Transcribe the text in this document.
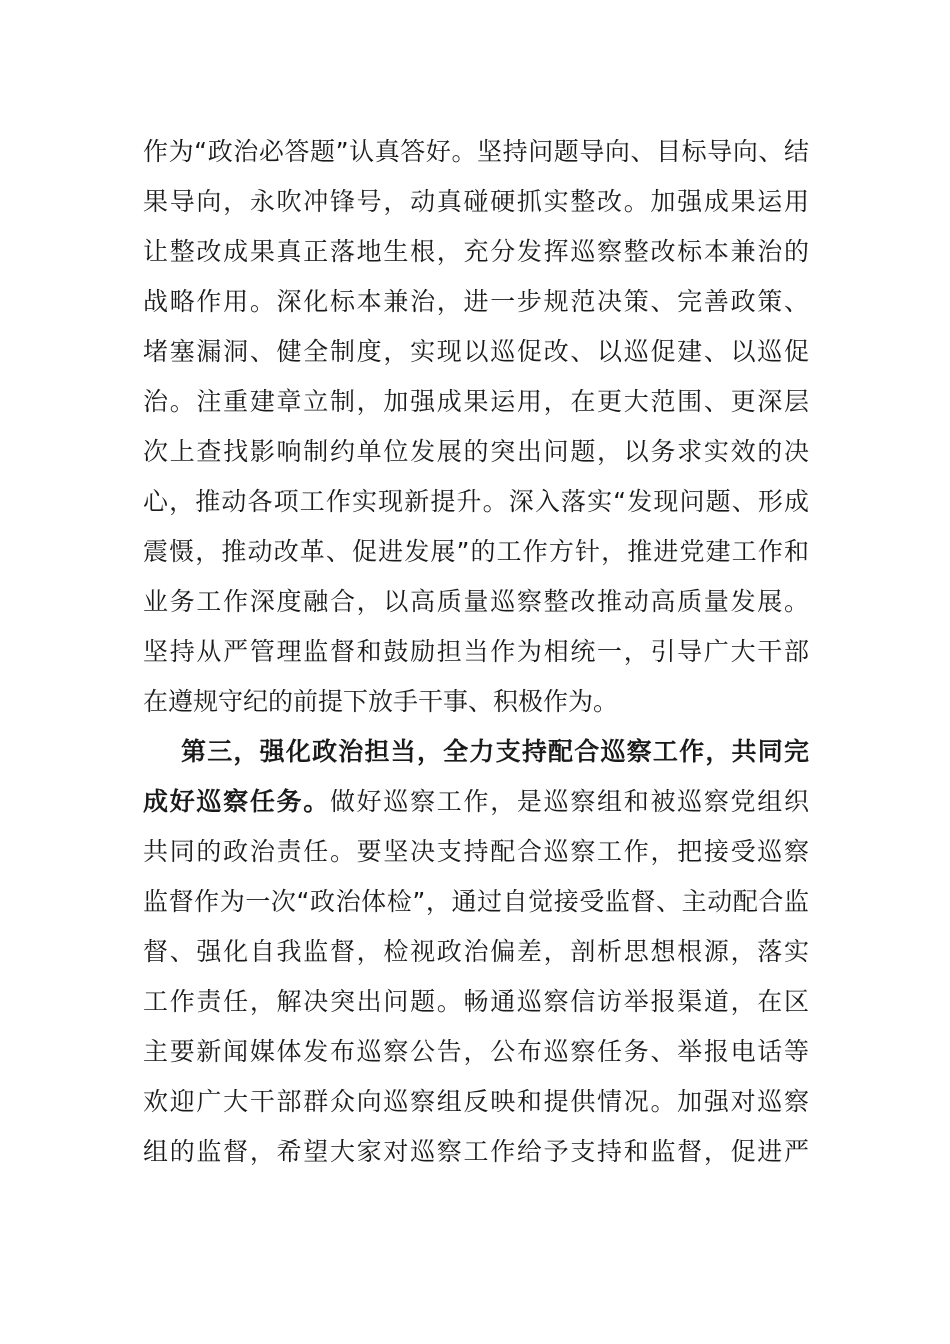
作为“政治必答题”认真答好。坚持问题导向、目标导向、结
果导向，永吹冲锋号，动真碰硬抓实整改。加强成果运用
让整改成果真正落地生根，充分发挥巡察整改标本兼治的
战略作用。深化标本兼治，进一步规范决策、完善政策、
堵塞漏洞、健全制度，实现以巡促改、以巡促建、以巡促
治。注重建章立制，加强成果运用，在更大范围、更深层
次上查找影响制约单位发展的突出问题，以务求实效的决
心，推动各项工作实现新提升。深入落实“发现问题、形成
震慑，推动改革、促进发展”的工作方针，推进党建工作和
业务工作深度融合，以高质量巡察整改推动高质量发展。
坚持从严管理监督和鼓励担当作为相统一，引导广大干部
在遵规守纪的前提下放手干事、积极作为。
第三，强化政治担当，全力支持配合巡察工作，共同完
成好巡察任务。做好巡察工作，是巡察组和被巡察党组织
共同的政治责任。要坚决支持配合巡察工作，把接受巡察
监督作为一次“政治体检”，通过自觉接受监督、主动配合监
督、强化自我监督，检视政治偏差，剖析思想根源，落实
工作责任，解决突出问题。畅通巡察信访举报渠道，在区
主要新闻媒体发布巡察公告，公布巡察任务、举报电话等
欢迎广大干部群众向巡察组反映和提供情况。加强对巡察
组的监督，希望大家对巡察工作给予支持和监督，促进严
